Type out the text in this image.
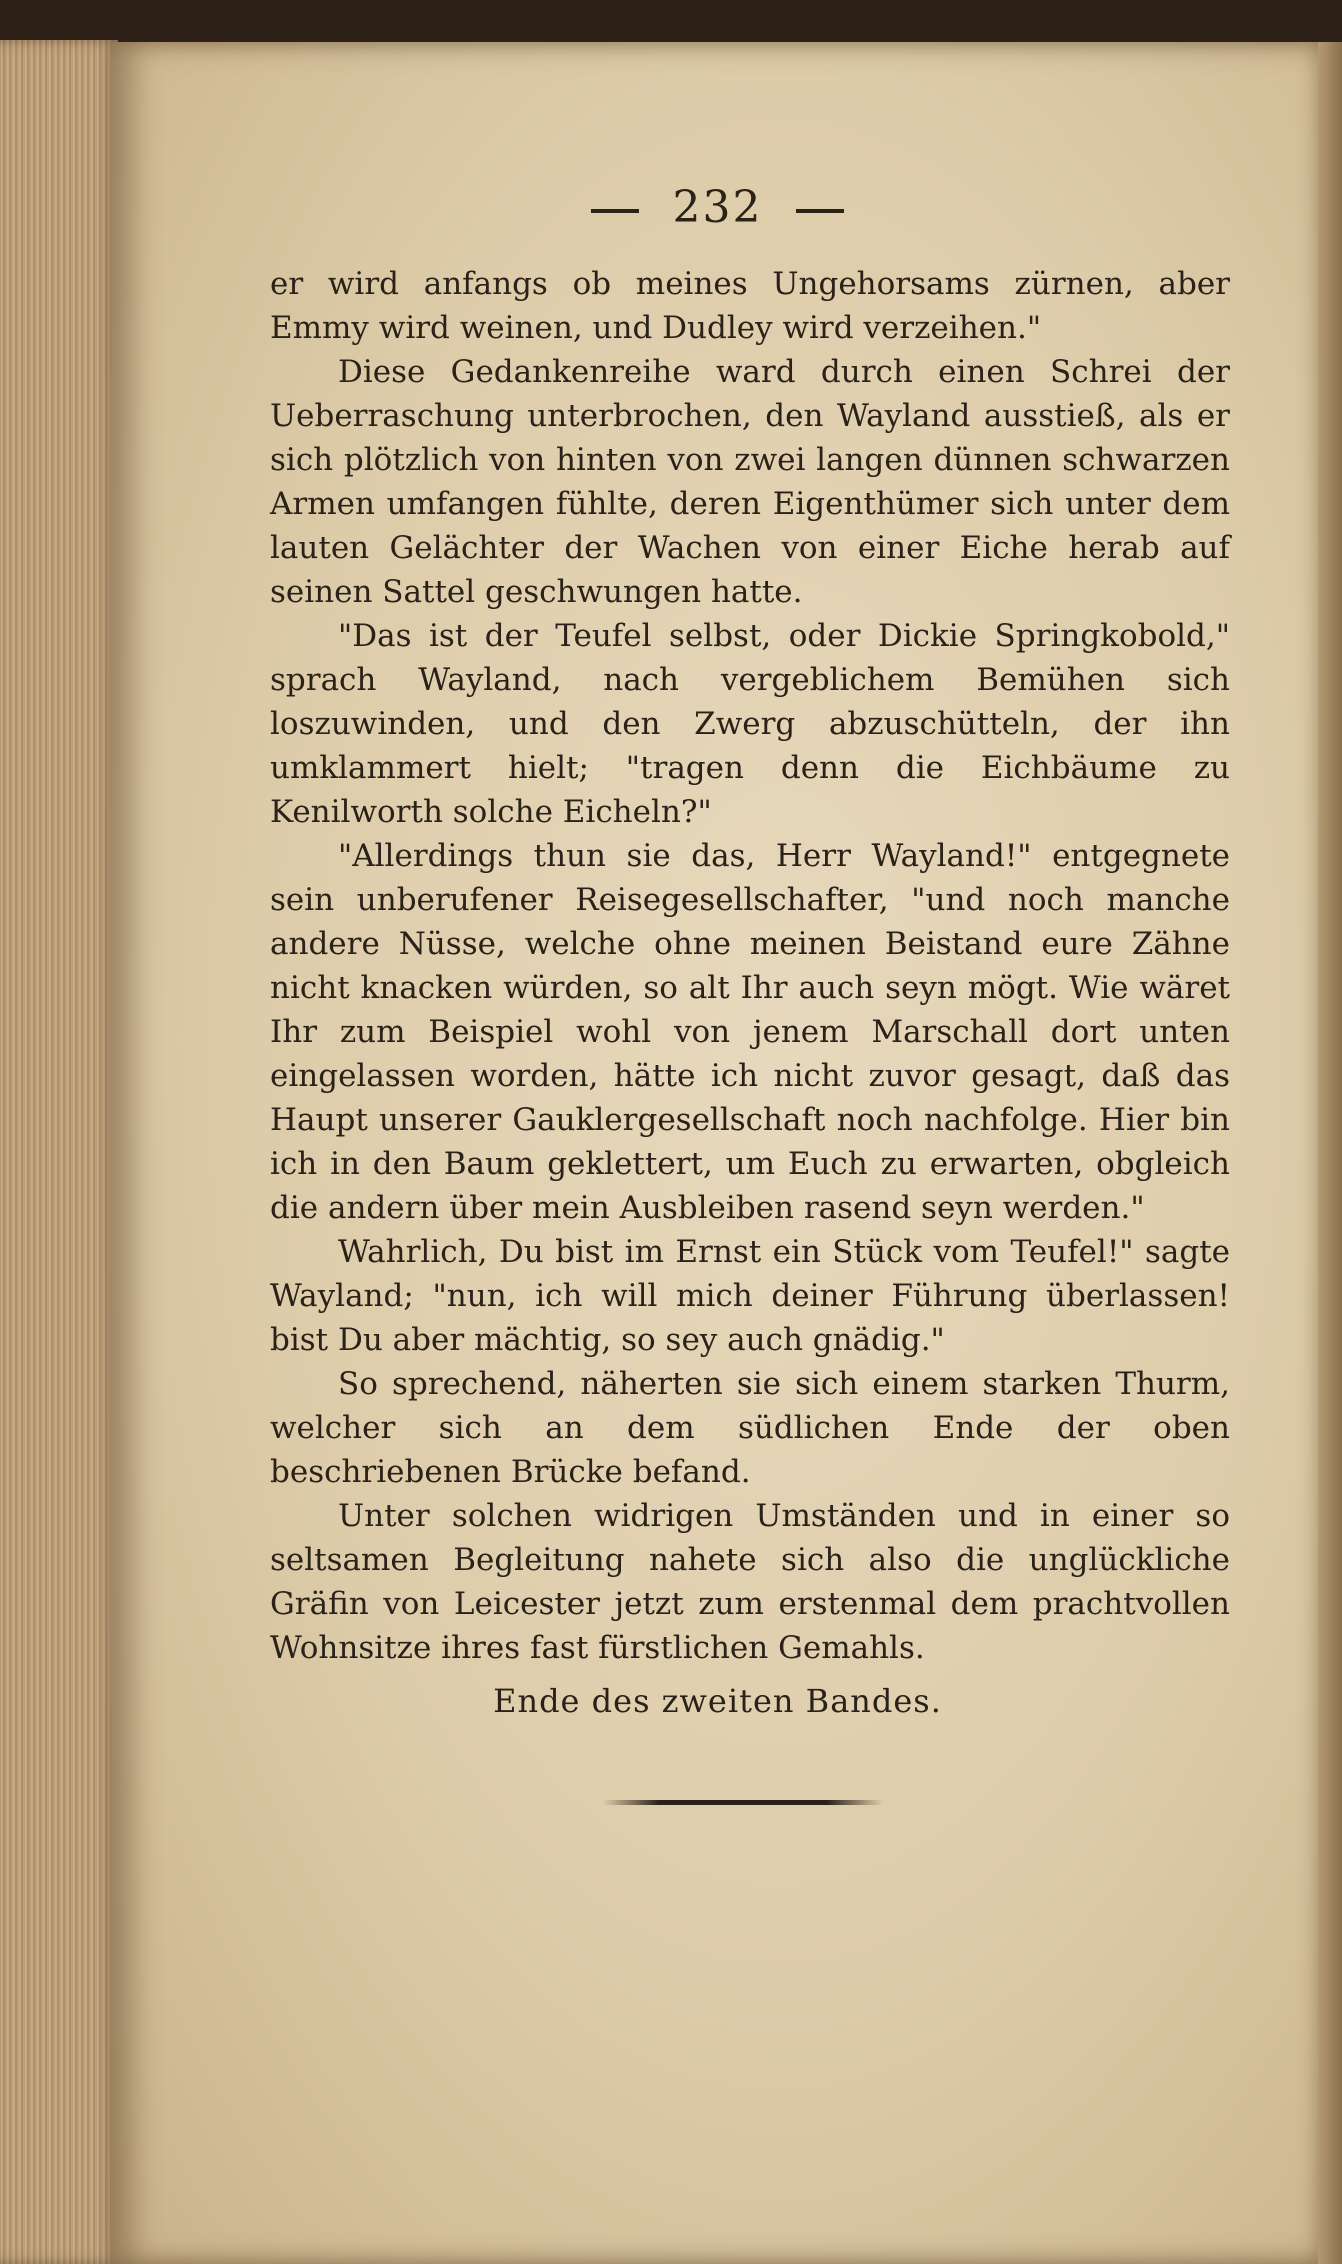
232

er wird anfangs ob meines Ungehorsams zürnen, aber Emmy wird weinen, und Dudley wird verzeihen."

Diese Gedankenreihe ward durch einen Schrei der Ueberraschung unterbrochen, den Wayland ausstieß, als er sich plötzlich von hinten von zwei langen dünnen schwarzen Armen umfangen fühlte, deren Eigenthümer sich unter dem lauten Gelächter der Wachen von einer Eiche herab auf seinen Sattel geschwungen hatte.

"Das ist der Teufel selbst, oder Dickie Springkobold," sprach Wayland, nach vergeblichem Bemühen sich loszuwinden, und den Zwerg abzuschütteln, der ihn umklammert hielt; "tragen denn die Eichbäume zu Kenilworth solche Eicheln?"

"Allerdings thun sie das, Herr Wayland!" entgegnete sein unberufener Reisegesellschafter, "und noch manche andere Nüsse, welche ohne meinen Beistand eure Zähne nicht knacken würden, so alt Ihr auch seyn mögt. Wie wäret Ihr zum Beispiel wohl von jenem Marschall dort unten eingelassen worden, hätte ich nicht zuvor gesagt, daß das Haupt unserer Gauklergesellschaft noch nachfolge. Hier bin ich in den Baum geklettert, um Euch zu erwarten, obgleich die andern über mein Ausbleiben rasend seyn werden."

Wahrlich, Du bist im Ernst ein Stück vom Teufel!" sagte Wayland; "nun, ich will mich deiner Führung überlassen! bist Du aber mächtig, so sey auch gnädig."

So sprechend, näherten sie sich einem starken Thurm, welcher sich an dem südlichen Ende der oben beschriebenen Brücke befand.

Unter solchen widrigen Umständen und in einer so seltsamen Begleitung nahete sich also die unglückliche Gräfin von Leicester jetzt zum erstenmal dem prachtvollen Wohnsitze ihres fast fürstlichen Gemahls.

Ende des zweiten Bandes.
